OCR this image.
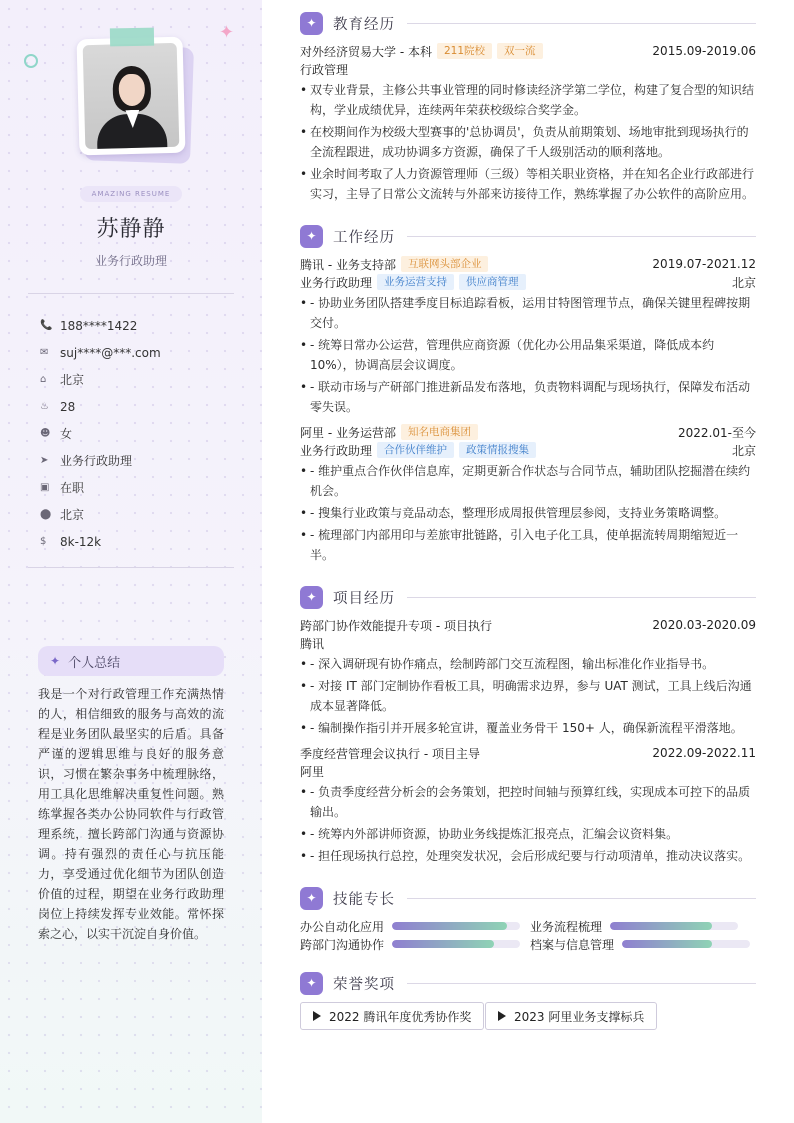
✦
AMAZING RESUME
苏静静
业务行政助理
📞 188****1422
✉ suj****@***.com
⌂	北京
♨ 28
☻ 女
➤ 业务行政助理
▣ 在职
⬤ 北京
$	8k-12k
✦ 个人总结
我是一个对行政管理工作充满热情的人，相信细致的服务与高效的流程是业务团队最坚实的后盾。具备严谨的逻辑思维与良好的服务意识，习惯在繁杂事务中梳理脉络，用工具化思维解决重复性问题。熟练掌握各类办公协同软件与行政管理系统，擅长跨部门沟通与资源协调。持有强烈的责任心与抗压能力，享受通过优化细节为团队创造价值的过程，期望在业务行政助理岗位上持续发挥专业效能。常怀探索之心，以实干沉淀自身价值。
✦	教育经历
对外经济贸易大学 - 本科	211院校	双一流	2015.09-2019.06
行政管理
• 双专业背景，主修公共事业管理的同时修读经济学第二学位，构建了复合型的知识结构，学业成绩优异，连续两年荣获校级综合奖学金。
• 在校期间作为校级大型赛事的'总协调员'，负责从前期策划、场地审批到现场执行的全流程跟进，成功协调多方资源，确保了千人级别活动的顺利落地。
• 业余时间考取了人力资源管理师（三级）等相关职业资格，并在知名企业行政部进行实习，主导了日常公文流转与外部来访接待工作，熟练掌握了办公软件的高阶应用。
✦	工作经历
腾讯 - 业务支持部	互联网头部企业	2019.07-2021.12
业务行政助理	业务运营支持	供应商管理	北京
• - 协助业务团队搭建季度目标追踪看板，运用甘特图管理节点，确保关键里程碑按期交付。
• - 统筹日常办公运营，管理供应商资源（优化办公用品集采渠道，降低成本约10%），协调高层会议调度。
• - 联动市场与产研部门推进新品发布落地，负责物料调配与现场执行，保障发布活动零失误。
阿里 - 业务运营部	知名电商集团	2022.01-至今
业务行政助理	合作伙伴维护	政策情报搜集	北京
• - 维护重点合作伙伴信息库，定期更新合作状态与合同节点，辅助团队挖掘潜在续约机会。
• - 搜集行业政策与竞品动态，整理形成周报供管理层参阅，支持业务策略调整。
• - 梳理部门内部用印与差旅审批链路，引入电子化工具，使单据流转周期缩短近一半。
✦	项目经历
跨部门协作效能提升专项 - 项目执行	2020.03-2020.09
腾讯
• - 深入调研现有协作痛点，绘制跨部门交互流程图，输出标准化作业指导书。
• - 对接 IT 部门定制协作看板工具，明确需求边界，参与 UAT 测试，工具上线后沟通成本显著降低。
• - 编制操作指引并开展多轮宣讲，覆盖业务骨干 150+ 人，确保新流程平滑落地。
季度经营管理会议执行 - 项目主导	2022.09-2022.11
阿里
• - 负责季度经营分析会的会务策划，把控时间轴与预算红线，实现成本可控下的品质输出。
• - 统筹内外部讲师资源，协助业务线提炼汇报亮点，汇编会议资料集。
• - 担任现场执行总控，处理突发状况，会后形成纪要与行动项清单，推动决议落实。
✦	技能专长
办公自动化应用	业务流程梳理
跨部门沟通协作	档案与信息管理
✦	荣誉奖项
2022 腾讯年度优秀协作奖	2023 阿里业务支撑标兵
